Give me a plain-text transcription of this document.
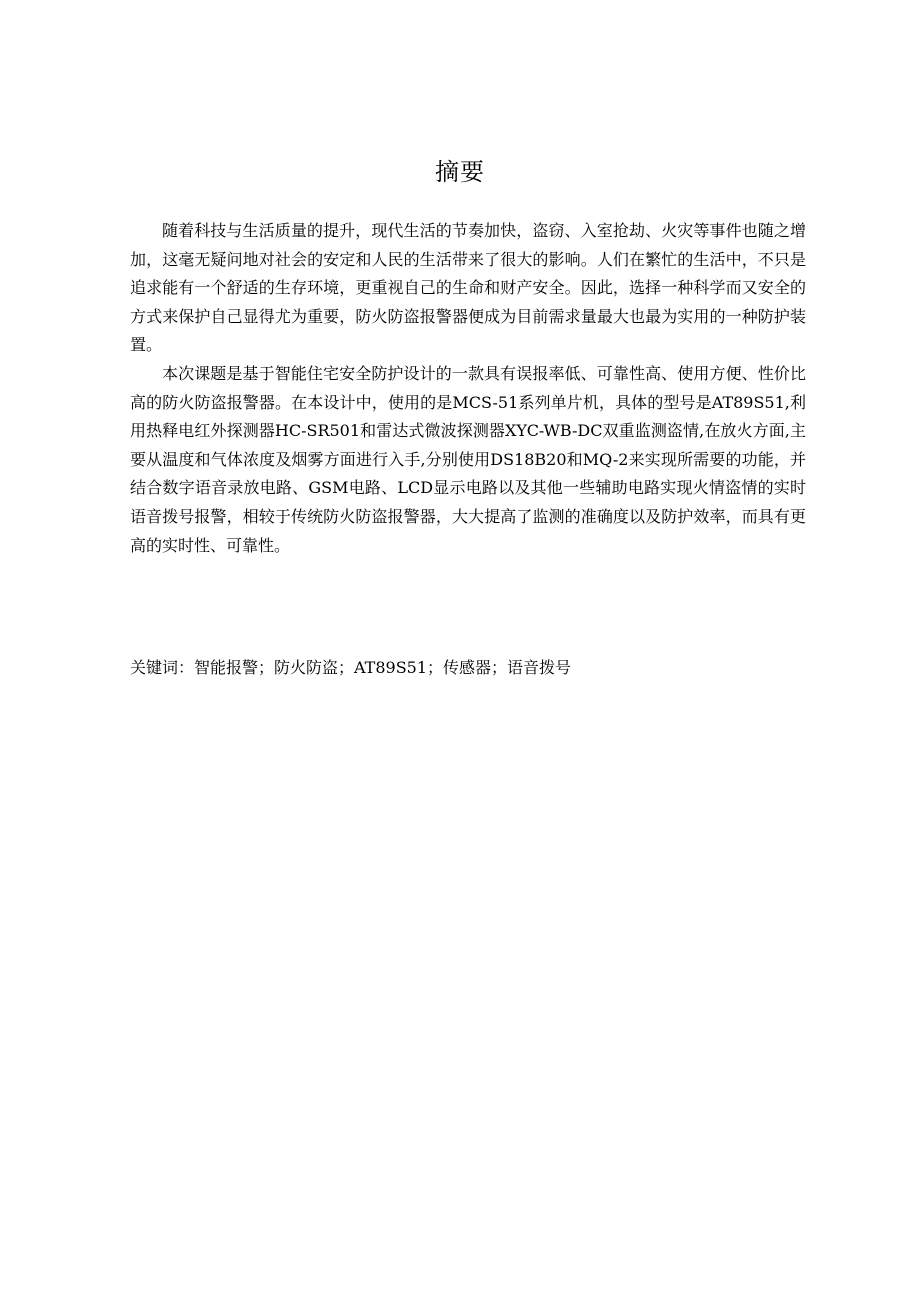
摘要

随着科技与生活质量的提升，现代生活的节奏加快，盗窃、入室抢劫、火灾等事件也随之增加，这毫无疑问地对社会的安定和人民的生活带来了很大的影响。人们在繁忙的生活中，不只是追求能有一个舒适的生存环境，更重视自己的生命和财产安全。因此，选择一种科学而又安全的方式来保护自己显得尤为重要，防火防盗报警器便成为目前需求量最大也最为实用的一种防护装置。

本次课题是基于智能住宅安全防护设计的一款具有误报率低、可靠性高、使用方便、性价比高的防火防盗报警器。在本设计中，使用的是MCS-51系列单片机，具体的型号是AT89S51,利用热释电红外探测器HC-SR501和雷达式微波探测器XYC-WB-DC双重监测盗情,在放火方面,主要从温度和气体浓度及烟雾方面进行入手,分别使用DS18B20和MQ-2来实现所需要的功能，并结合数字语音录放电路、GSM电路、LCD显示电路以及其他一些辅助电路实现火情盗情的实时语音拨号报警，相较于传统防火防盗报警器，大大提高了监测的准确度以及防护效率，而具有更高的实时性、可靠性。

关键词：智能报警；防火防盗；AT89S51；传感器；语音拨号
